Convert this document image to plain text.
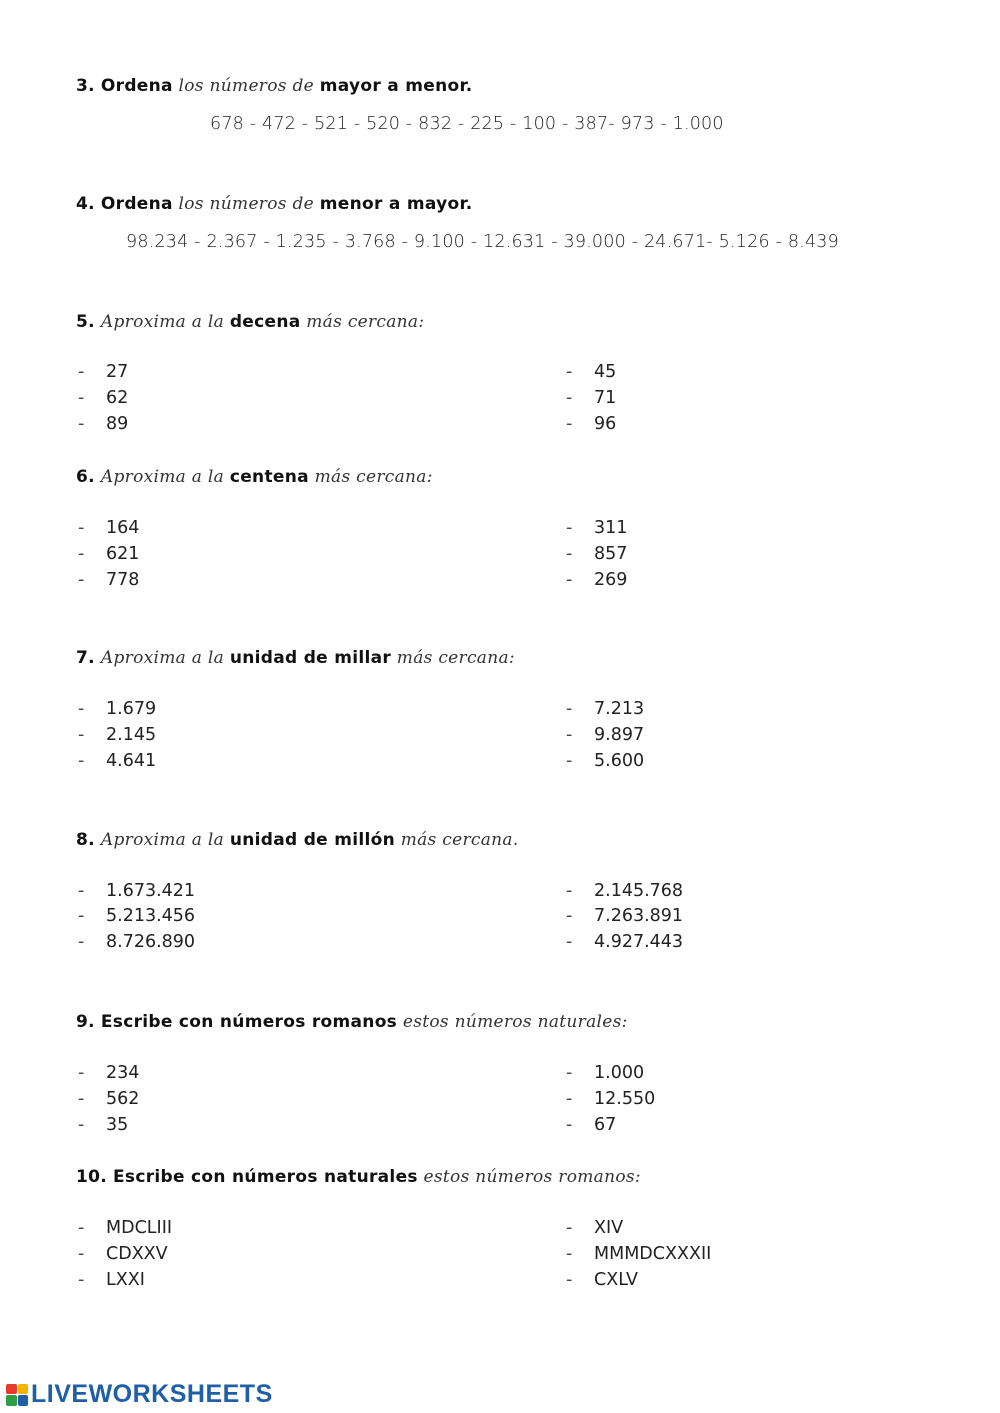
3. Ordena los números de mayor a menor.
678 - 472 - 521 - 520 - 832 - 225 - 100 - 387- 973 - 1.000
4. Ordena los números de menor a mayor.
98.234 - 2.367 - 1.235 - 3.768 - 9.100 - 12.631 - 39.000 - 24.671- 5.126 - 8.439
5. Aproxima a la decena más cercana:
- 27
- 62
- 89
- 45
- 71
- 96
6. Aproxima a la centena más cercana:
- 164
- 621
- 778
- 311
- 857
- 269
7. Aproxima a la unidad de millar más cercana:
- 1.679
- 2.145
- 4.641
- 7.213
- 9.897
- 5.600
8. Aproxima a la unidad de millón más cercana.
- 1.673.421
- 5.213.456
- 8.726.890
- 2.145.768
- 7.263.891
- 4.927.443
9. Escribe con números romanos estos números naturales:
- 234
- 562
- 35
- 1.000
- 12.550
- 67
10. Escribe con números naturales estos números romanos:
- MDCLIII
- CDXXV
- LXXI
- XIV
- MMMDCXXXII
- CXLV
LIVEWORKSHEETS
